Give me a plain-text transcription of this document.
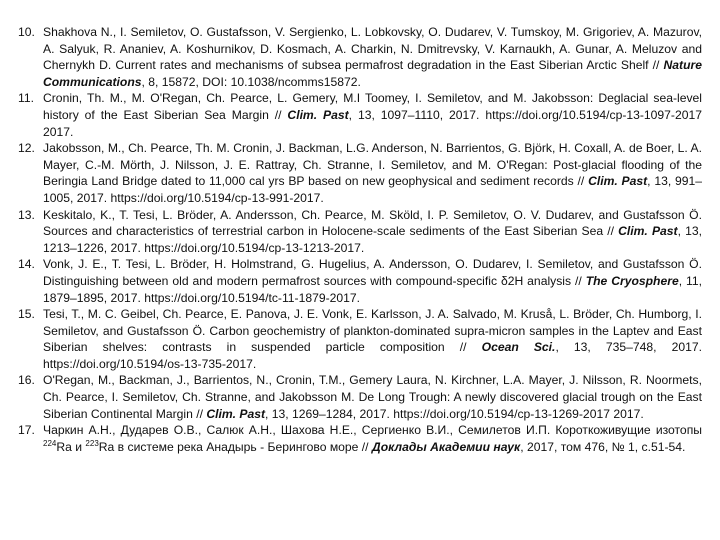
10. Shakhova N., I. Semiletov, O. Gustafsson, V. Sergienko, L. Lobkovsky, O. Dudarev, V. Tumskoy, M. Grigoriev, A. Mazurov, A. Salyuk, R. Ananiev, A. Koshurnikov, D. Kosmach, A. Charkin, N. Dmitrevsky, V. Karnaukh, A. Gunar, A. Meluzov and Chernykh D. Current rates and mechanisms of subsea permafrost degradation in the East Siberian Arctic Shelf // Nature Communications, 8, 15872, DOI: 10.1038/ncomms15872.
11. Cronin, Th. M., M. O'Regan, Ch. Pearce, L. Gemery, M.I Toomey, I. Semiletov, and M. Jakobsson: Deglacial sea-level history of the East Siberian Sea Margin // Clim. Past, 13, 1097–1110, 2017. https://doi.org/10.5194/cp-13-1097-2017 2017.
12. Jakobsson, M., Ch. Pearce, Th. M. Cronin, J. Backman, L.G. Anderson, N. Barrientos, G. Björk, H. Coxall, A. de Boer, L. A. Mayer, C.-M. Mörth, J. Nilsson, J. E. Rattray, Ch. Stranne, I. Semiletov, and M. O'Regan: Post-glacial flooding of the Beringia Land Bridge dated to 11,000 cal yrs BP based on new geophysical and sediment records // Clim. Past, 13, 991–1005, 2017. https://doi.org/10.5194/cp-13-991-2017.
13. Keskitalo, K., T. Tesi, L. Bröder, A. Andersson, Ch. Pearce, M. Sköld, I. P. Semiletov, O. V. Dudarev, and Gustafsson Ö. Sources and characteristics of terrestrial carbon in Holocene-scale sediments of the East Siberian Sea // Clim. Past, 13, 1213–1226, 2017. https://doi.org/10.5194/cp-13-1213-2017.
14. Vonk, J. E., T. Tesi, L. Bröder, H. Holmstrand, G. Hugelius, A. Andersson, O. Dudarev, I. Semiletov, and Gustafsson Ö. Distinguishing between old and modern permafrost sources with compound-specific δ2H analysis // The Cryosphere, 11, 1879–1895, 2017. https://doi.org/10.5194/tc-11-1879-2017.
15. Tesi, T., M. C. Geibel, Ch. Pearce, E. Panova, J. E. Vonk, E. Karlsson, J. A. Salvado, M. Kruså, L. Bröder, Ch. Humborg, I. Semiletov, and Gustafsson Ö. Carbon geochemistry of plankton-dominated supra-micron samples in the Laptev and East Siberian shelves: contrasts in suspended particle composition // Ocean Sci., 13, 735–748, 2017. https://doi.org/10.5194/os-13-735-2017.
16. O'Regan, M., Backman, J., Barrientos, N., Cronin, T.M., Gemery Laura, N. Kirchner, L.A. Mayer, J. Nilsson, R. Noormets, Ch. Pearce, I. Semiletov, Ch. Stranne, and Jakobsson M. De Long Trough: A newly discovered glacial trough on the East Siberian Continental Margin // Clim. Past, 13, 1269–1284, 2017. https://doi.org/10.5194/cp-13-1269-2017 2017.
17. Чаркин А.Н., Дударев О.В., Салюк А.Н., Шахова Н.Е., Сергиенко В.И., Семилетов И.П. Короткоживущие изотопы $^{224}$Ra и $^{223}$Ra в системе река Анадырь - Берингово море // Доклады Академии наук, 2017, том 476, № 1, с.51-54.
